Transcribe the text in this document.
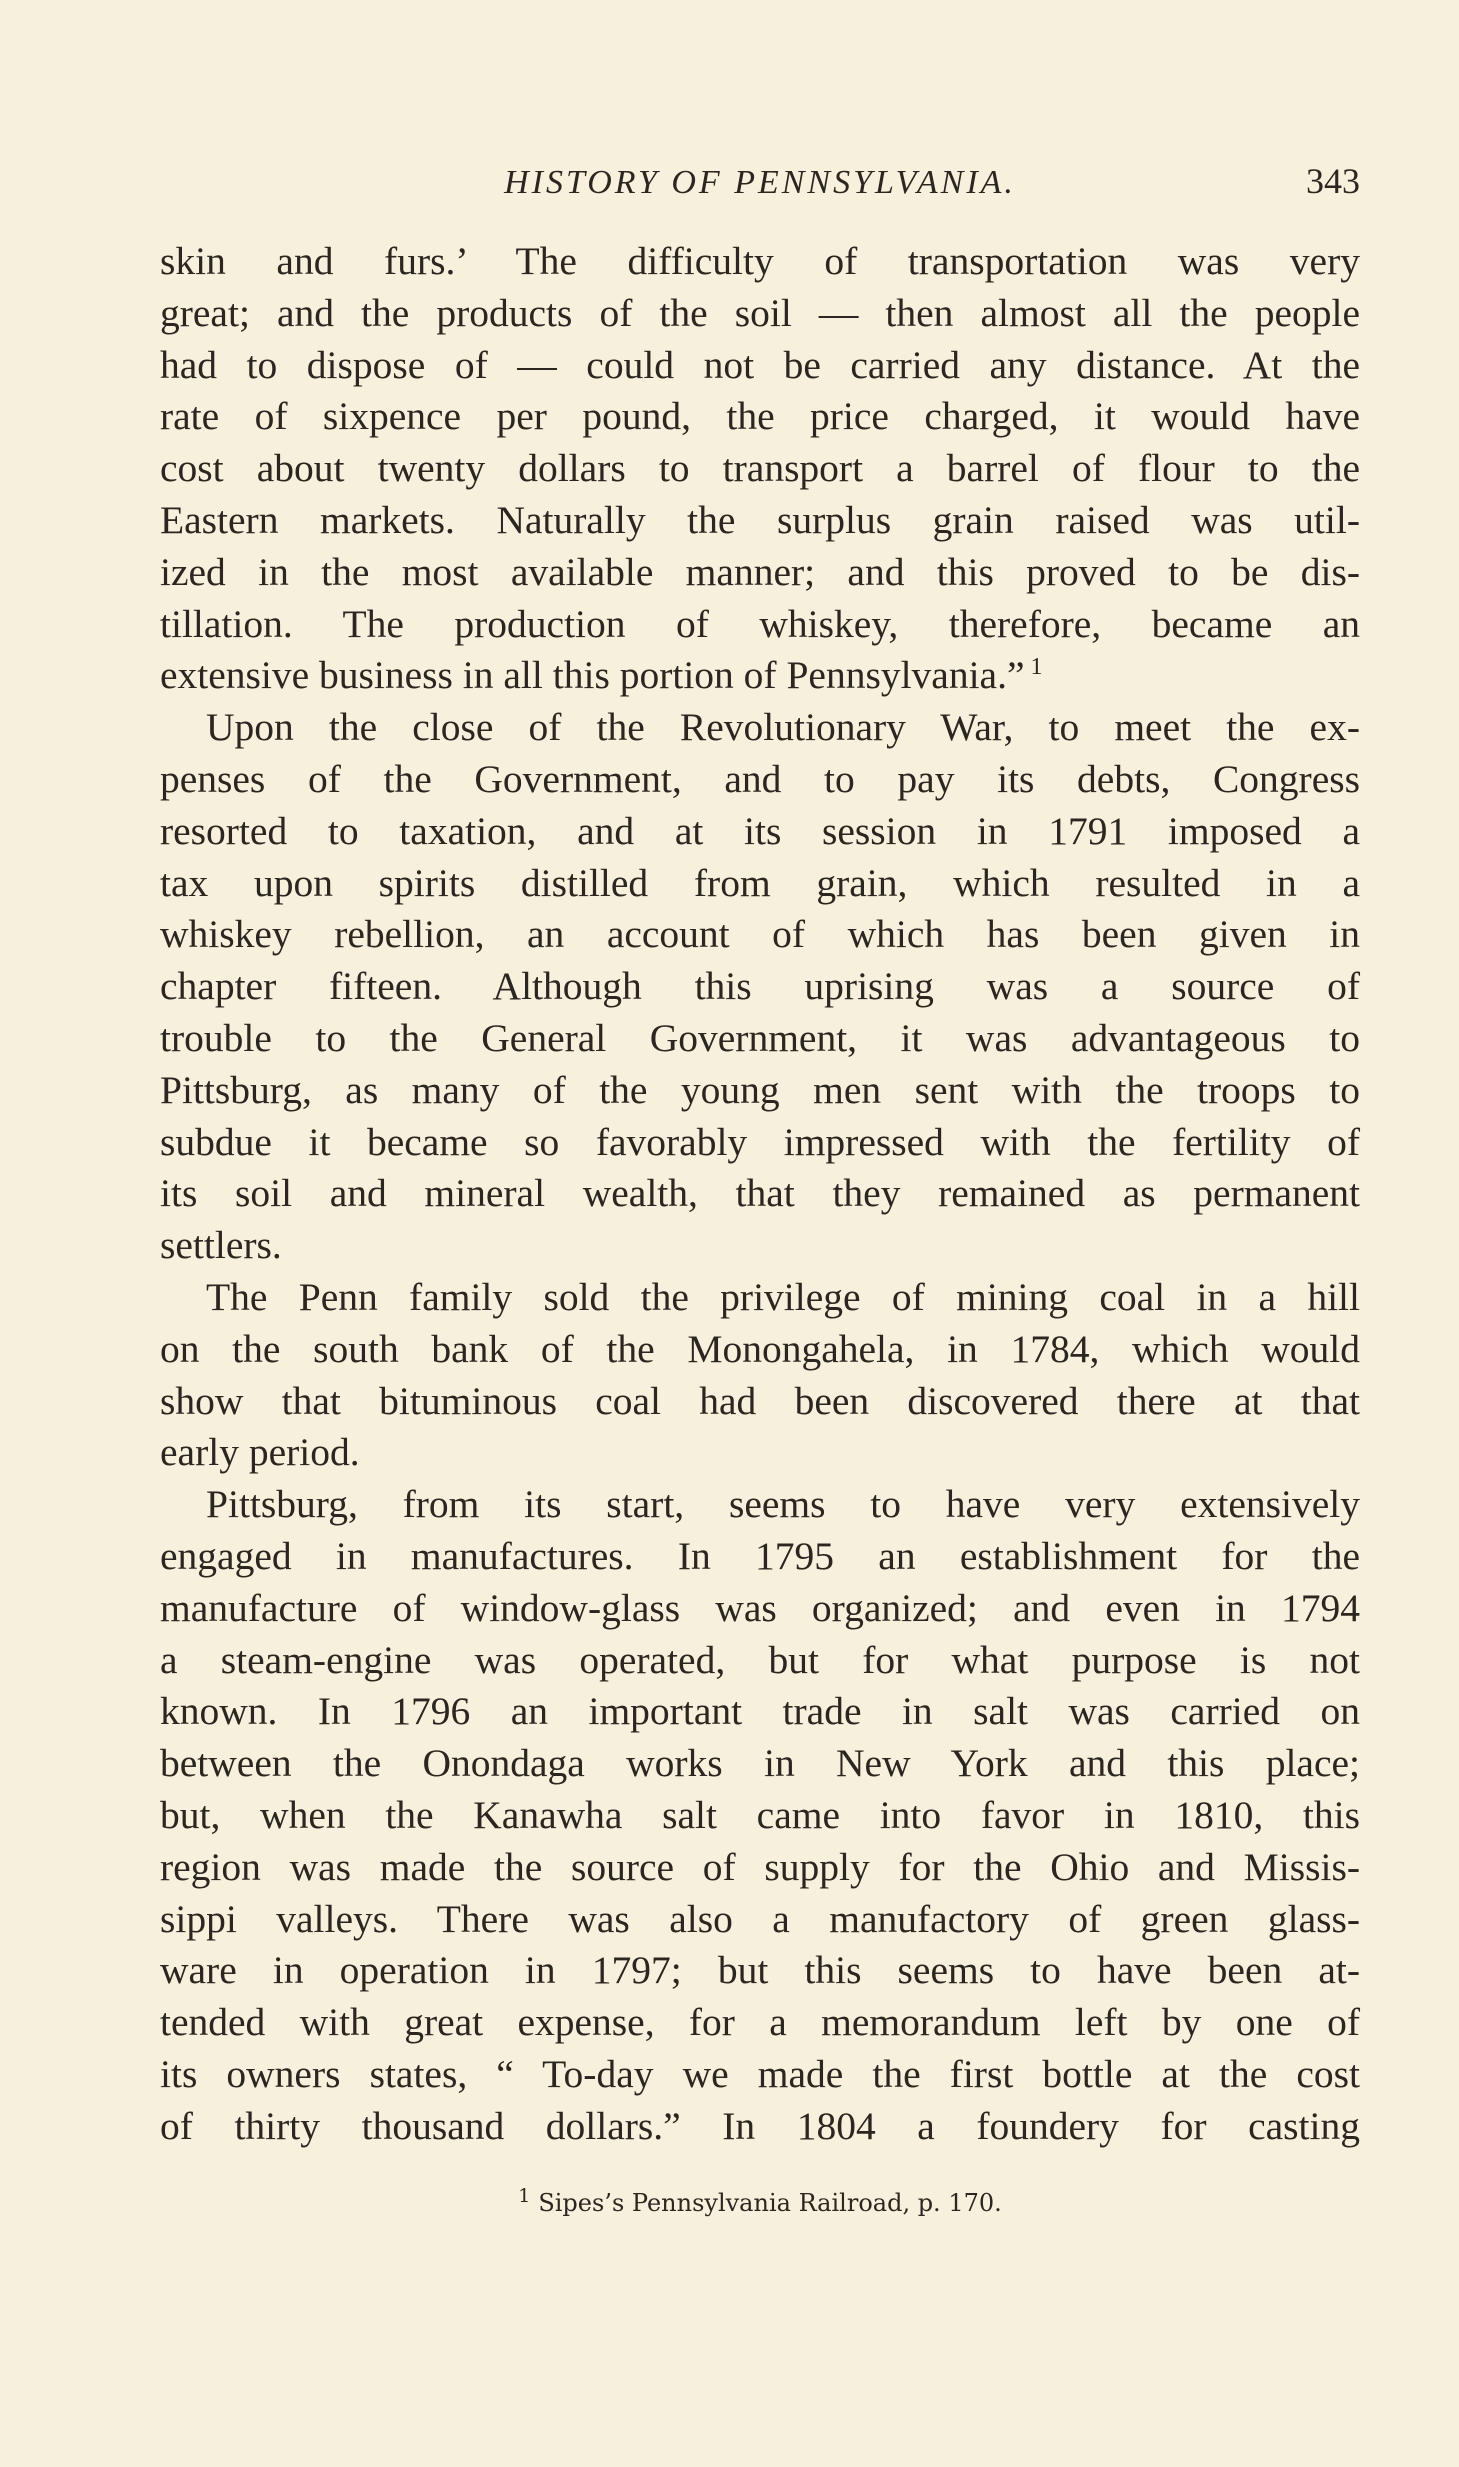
HISTORY OF PENNSYLVANIA.	343
skin and furs.’ The difficulty of transportation was very
great; and the products of the soil — then almost all the people
had to dispose of — could not be carried any distance. At the
rate of sixpence per pound, the price charged, it would have
cost about twenty dollars to transport a barrel of flour to the
Eastern markets. Naturally the surplus grain raised was util-
ized in the most available manner; and this proved to be dis-
tillation. The production of whiskey, therefore, became an
extensive business in all this portion of Pennsylvania.” $^1$
Upon the close of the Revolutionary War, to meet the ex-
penses of the Government, and to pay its debts, Congress
resorted to taxation, and at its session in 1791 imposed a
tax upon spirits distilled from grain, which resulted in a
whiskey rebellion, an account of which has been given in
chapter fifteen. Although this uprising was a source of
trouble to the General Government, it was advantageous to
Pittsburg, as many of the young men sent with the troops to
subdue it became so favorably impressed with the fertility of
its soil and mineral wealth, that they remained as permanent
settlers.
The Penn family sold the privilege of mining coal in a hill
on the south bank of the Monongahela, in 1784, which would
show that bituminous coal had been discovered there at that
early period.
Pittsburg, from its start, seems to have very extensively
engaged in manufactures. In 1795 an establishment for the
manufacture of window-glass was organized; and even in 1794
a steam-engine was operated, but for what purpose is not
known. In 1796 an important trade in salt was carried on
between the Onondaga works in New York and this place;
but, when the Kanawha salt came into favor in 1810, this
region was made the source of supply for the Ohio and Missis-
sippi valleys. There was also a manufactory of green glass-
ware in operation in 1797; but this seems to have been at-
tended with great expense, for a memorandum left by one of
its owners states, “ To-day we made the first bottle at the cost
of thirty thousand dollars.” In 1804 a foundery for casting
$^1$ Sipes’s Pennsylvania Railroad, p. 170.
